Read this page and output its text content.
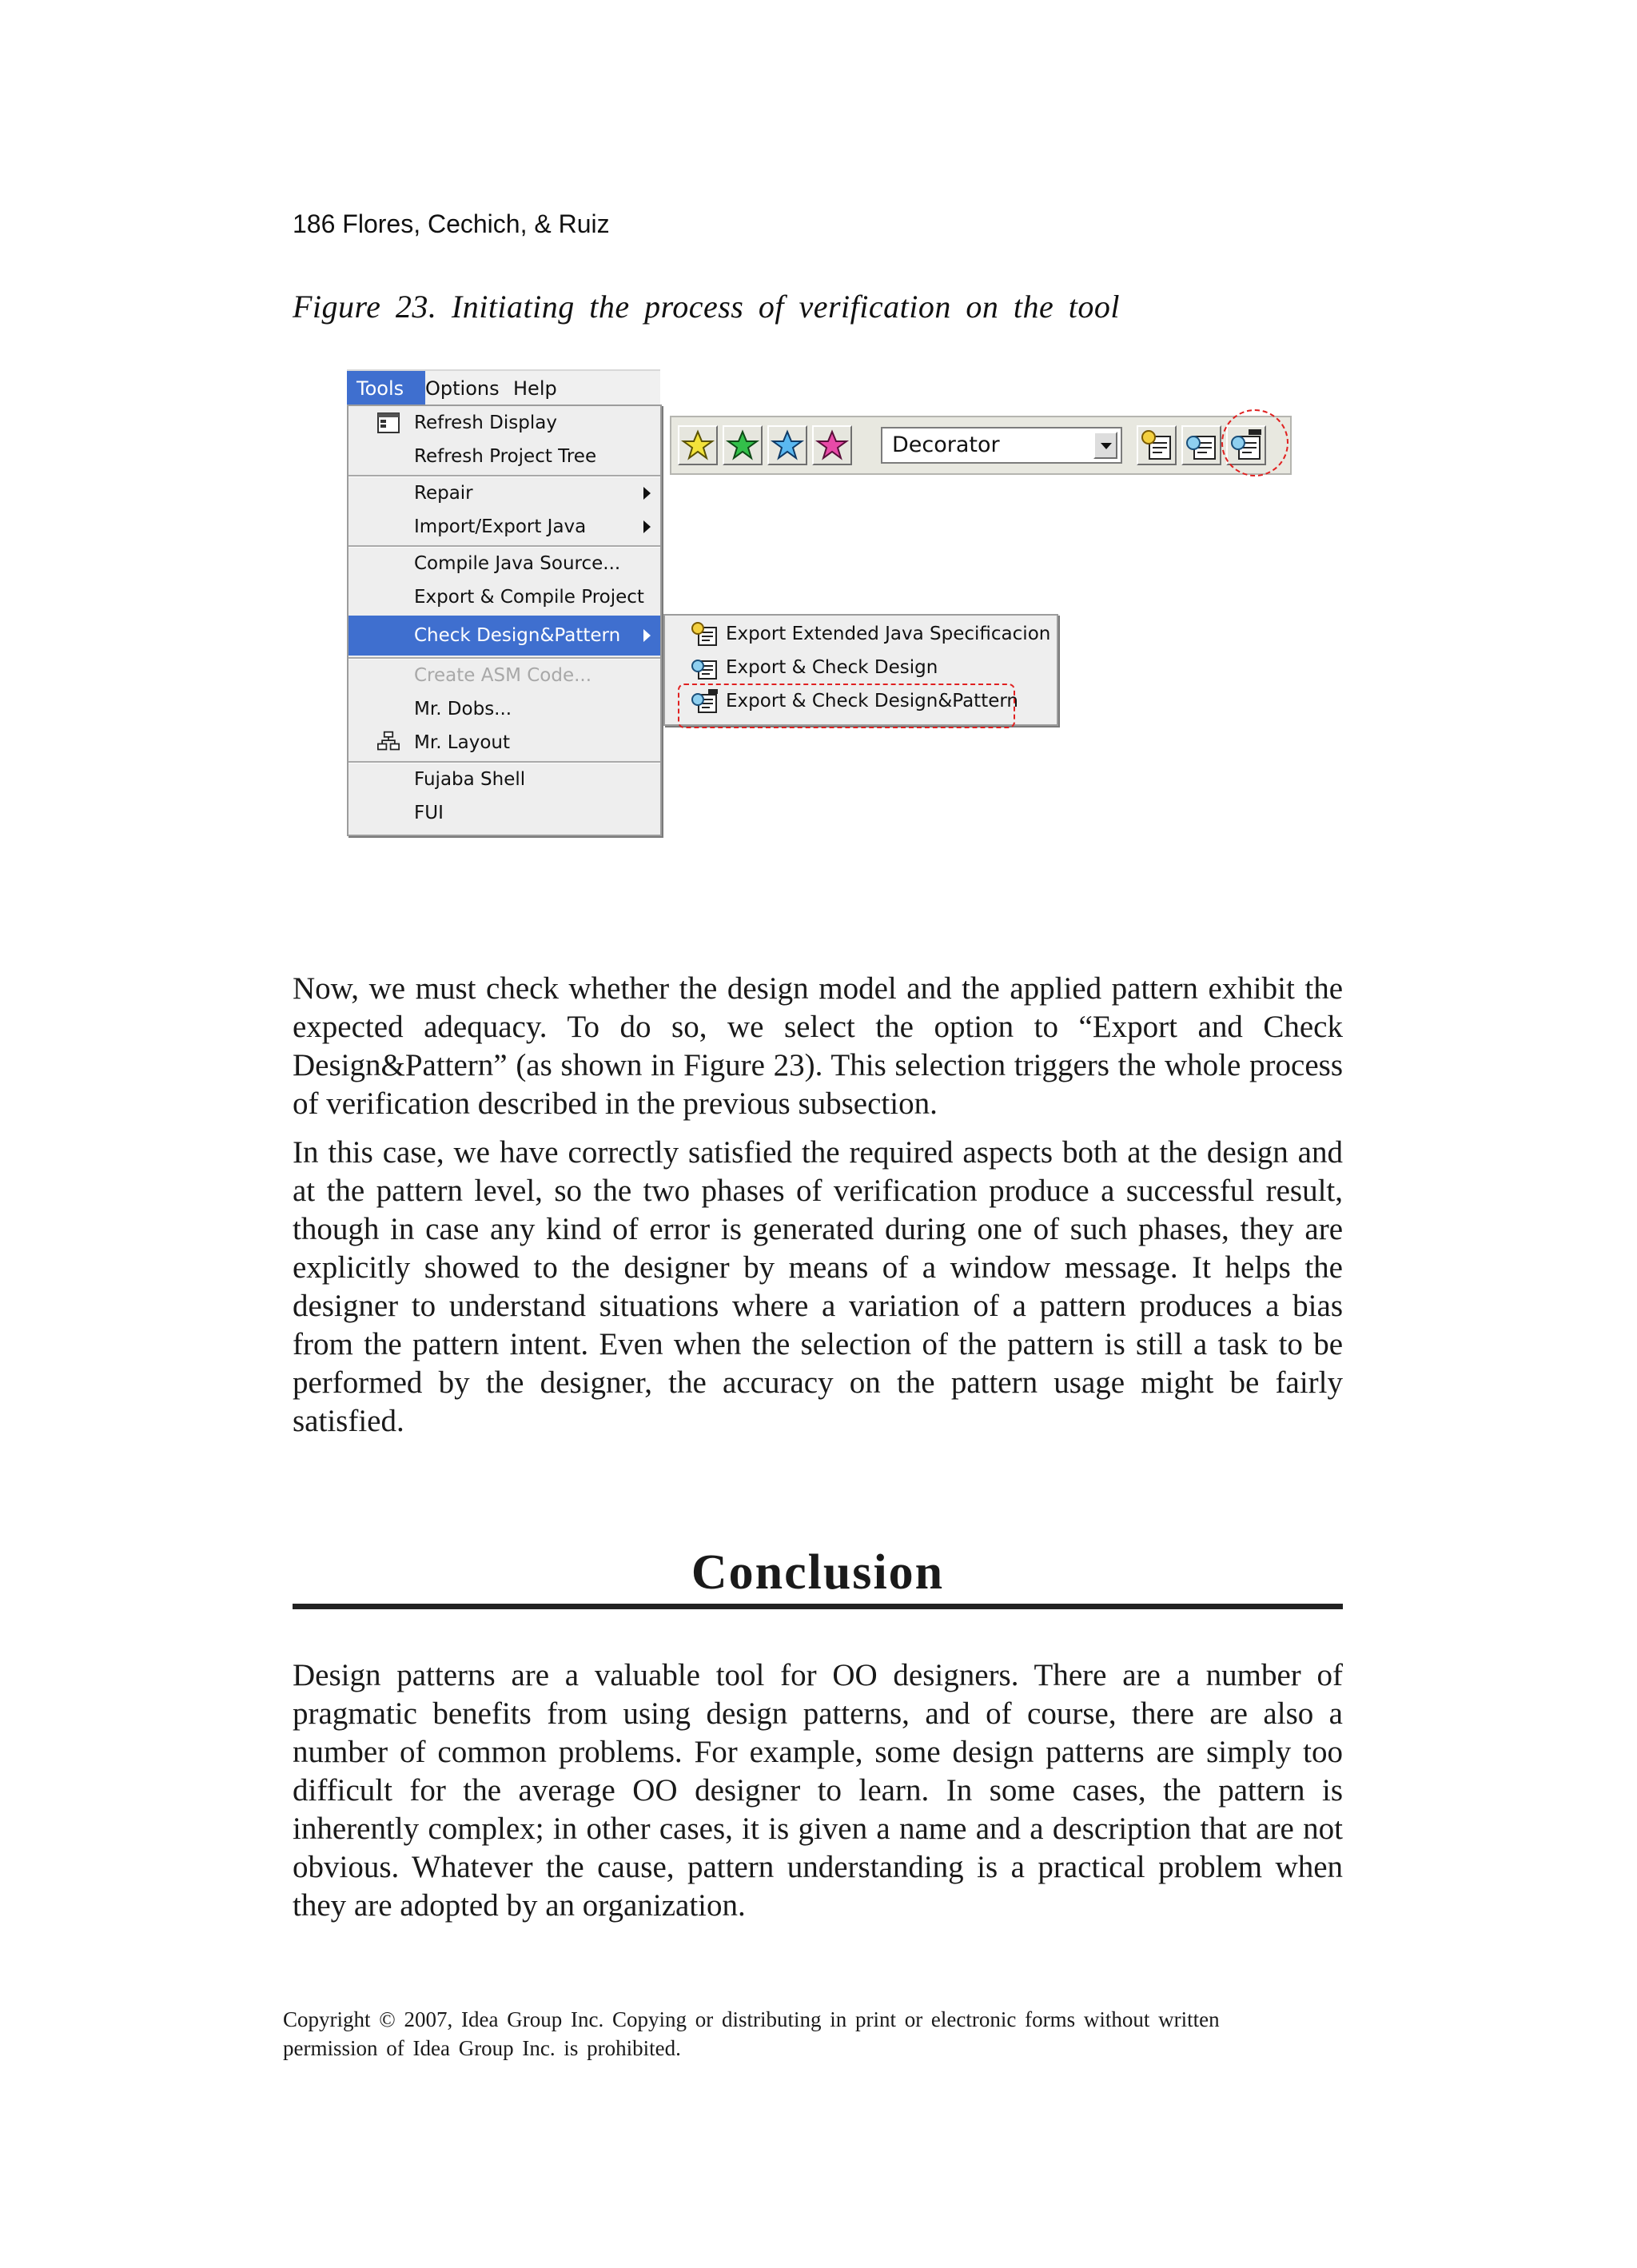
186 Flores, Cechich, & Ruiz
Figure 23. Initiating the process of verification on the tool
Tools	Options Help
Refresh Display
Refresh Project Tree
Repair
Import/Export Java
Compile Java Source...
Export & Compile Project
Check Design&Pattern
Create ASM Code...
Mr. Dobs...
Mr. Layout
Fujaba Shell
FUI
Export Extended Java Specificacion
Export & Check Design
Export & Check Design&Pattern
Decorator

Now, we must check whether the design model and the applied pattern exhibit the expected adequacy. To do so, we select the option to “Export and Check Design&Pattern” (as shown in Figure 23). This selection triggers the whole process of verification described in the previous subsection.

In this case, we have correctly satisfied the required aspects both at the design and at the pattern level, so the two phases of verification produce a successful result, though in case any kind of error is generated during one of such phases, they are explicitly showed to the designer by means of a window message. It helps the designer to understand situations where a variation of a pattern produces a bias from the pattern intent. Even when the selection of the pattern is still a task to be performed by the designer, the accuracy on the pattern usage might be fairly satisfied.

Conclusion

Design patterns are a valuable tool for OO designers. There are a number of pragmatic benefits from using design patterns, and of course, there are also a number of common problems. For example, some design patterns are simply too difficult for the average OO designer to learn. In some cases, the pattern is inherently complex; in other cases, it is given a name and a description that are not obvious. Whatever the cause, pattern understanding is a practical problem when they are adopted by an organization.

Copyright © 2007, Idea Group Inc. Copying or distributing in print or electronic forms without written permission of Idea Group Inc. is prohibited.
